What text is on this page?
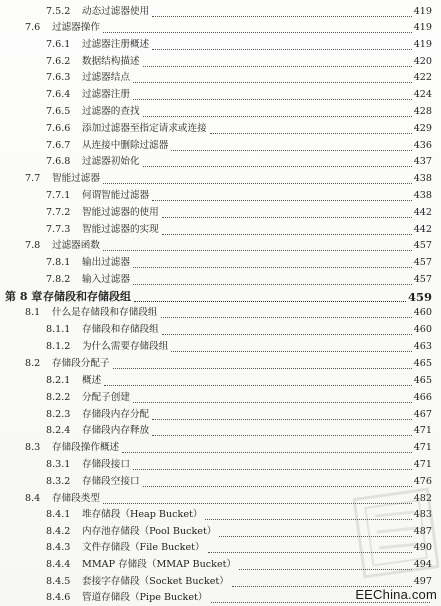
7.5.2 动态过滤器使用	419
7.6 过滤器操作	419
7.6.1 过滤器注册概述	419
7.6.2 数据结构描述	420
7.6.3 过滤器结点	422
7.6.4 过滤器注册	424
7.6.5 过滤器的查找	428
7.6.6 添加过滤器至指定请求或连接	429
7.6.7 从连接中删除过滤器	436
7.6.8 过滤器初始化	437
7.7 智能过滤器	438
7.7.1 何谓智能过滤器	438
7.7.2 智能过滤器的使用	442
7.7.3 智能过滤器的实现	442
7.8 过滤器函数	457
7.8.1 输出过滤器	457
7.8.2 输入过滤器	457
第 8 章 存储段和存储段组	459
8.1 什么是存储段和存储段组	460
8.1.1 存储段和存储段组	460
8.1.2 为什么需要存储段组	463
8.2 存储段分配子	465
8.2.1 概述	465
8.2.2 分配子创建	466
8.2.3 存储段内存分配	467
8.2.4 存储段内存释放	471
8.3 存储段操作概述	471
8.3.1 存储段接口	471
8.3.2 存储段空接口	476
8.4 存储段类型	482
8.4.1 堆存储段（Heap Bucket）	483
8.4.2 内存池存储段（Pool Bucket）	487
8.4.3 文件存储段（File Bucket）	490
8.4.4 MMAP 存储段（MMAP Bucket）	494
8.4.5 套接字存储段（Socket Bucket）	497
8.4.6 管道存储段（Pipe Bucket）	EEChina.com
